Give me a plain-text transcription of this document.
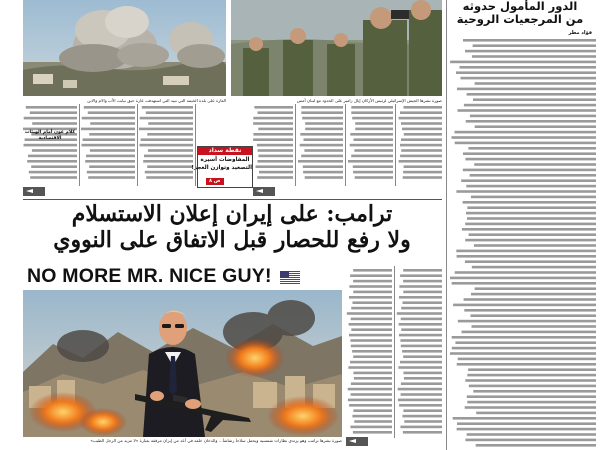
الغارة على بلدة الخيمة التي تبيد التي استهدفت غارة حيق نيابت الأب والام والابن	صورة نشرها الجيش الإسرائيلي لرئيس الأركان إيال زامير على الحدود مع لبنان أمس
الدور المأمول حدوثه
من المرجعيات الروحية
فؤاد مطر
كلام عون أمام الهيئات الاقتصادية
نقطة سداد
المفاوضات أسيرة
التصعيد وتوازن العجز!
ص ٨
ترامب: على إيران إعلان الاستسلام
ولا رفع للحصار قبل الاتفاق على النووي
NO MORE MR. NICE GUY!
صورة نشرها ترامب وهو يرتدي نظارات شمسية ويحمل سلاحاً رشاشاً... والدخان خلفه في أعد من إيران مرفقة بعبارة «لا مزيد من الرجل الطيب»
